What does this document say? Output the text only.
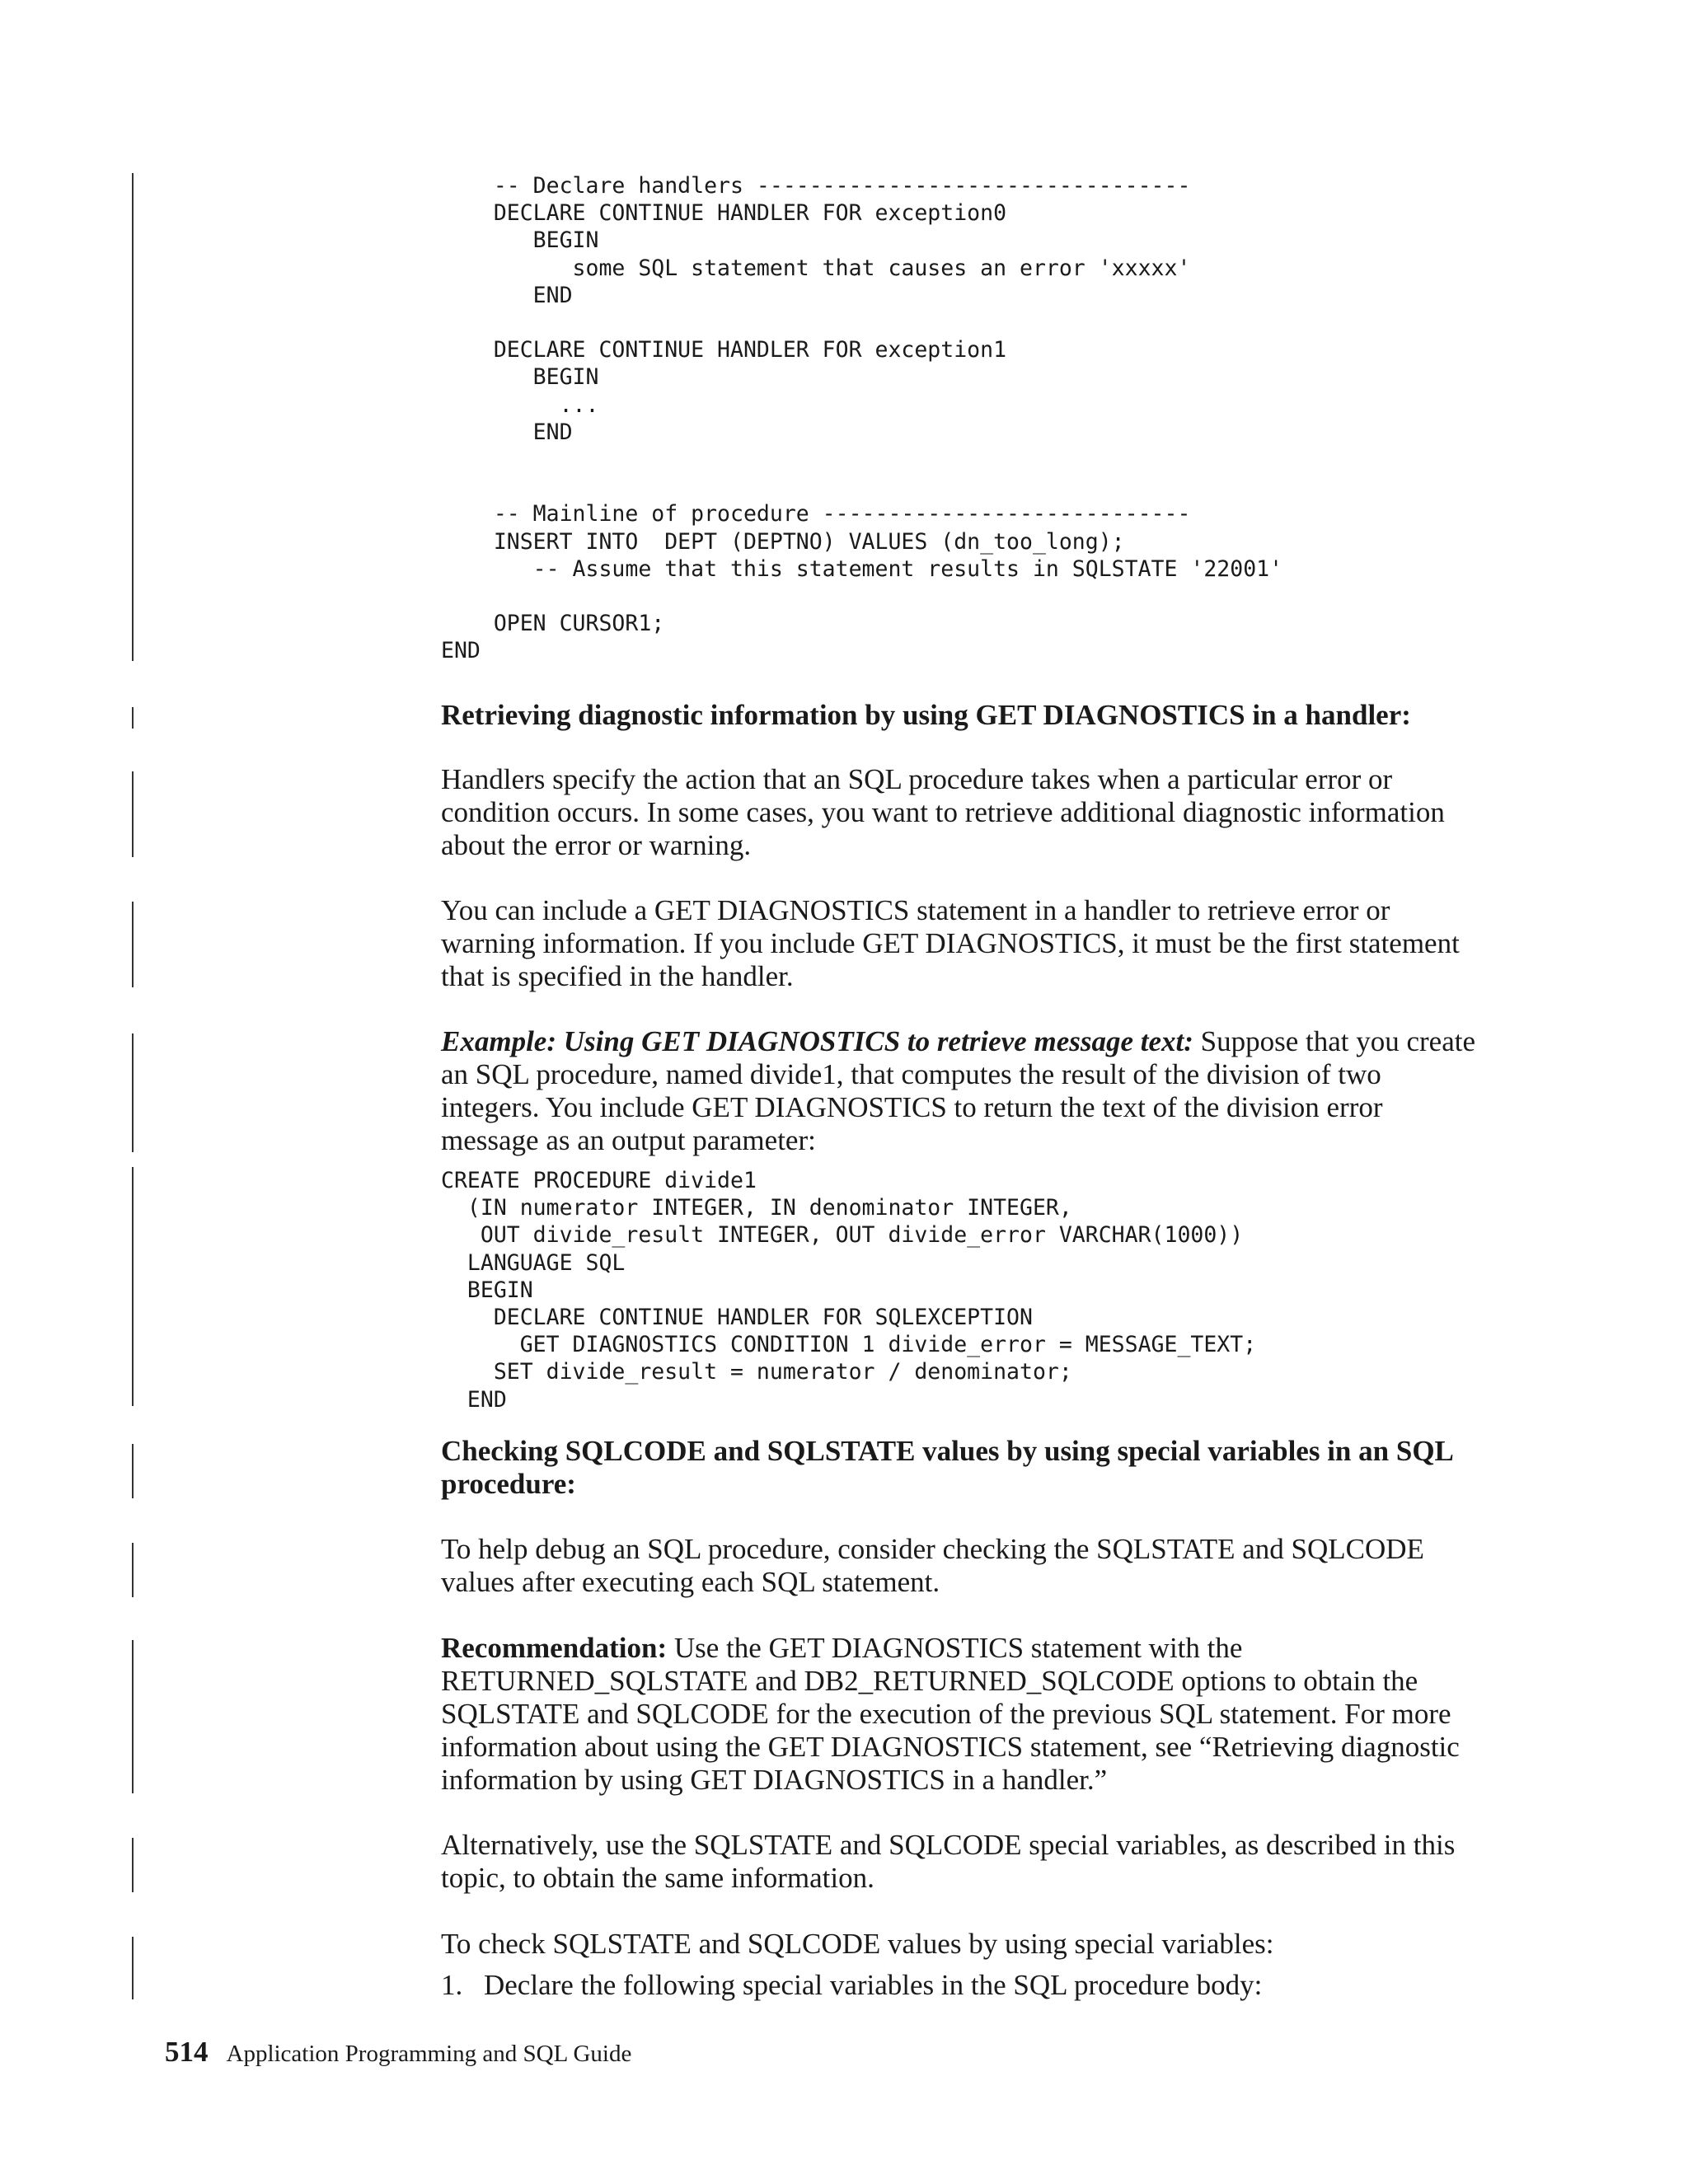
-- Declare handlers ---------------------------------
DECLARE CONTINUE HANDLER FOR exception0
BEGIN
some SQL statement that causes an error 'xxxxx'
END

DECLARE CONTINUE HANDLER FOR exception1
BEGIN
...
END

-- Mainline of procedure ----------------------------
INSERT INTO  DEPT (DEPTNO) VALUES (dn_too_long);
-- Assume that this statement results in SQLSTATE '22001'

OPEN CURSOR1;
END

Retrieving diagnostic information by using GET DIAGNOSTICS in a handler:

Handlers specify the action that an SQL procedure takes when a particular error or condition occurs. In some cases, you want to retrieve additional diagnostic information about the error or warning.

You can include a GET DIAGNOSTICS statement in a handler to retrieve error or warning information. If you include GET DIAGNOSTICS, it must be the first statement that is specified in the handler.

Example: Using GET DIAGNOSTICS to retrieve message text: Suppose that you create an SQL procedure, named divide1, that computes the result of the division of two integers. You include GET DIAGNOSTICS to return the text of the division error message as an output parameter:

CREATE PROCEDURE divide1
(IN numerator INTEGER, IN denominator INTEGER,
OUT divide_result INTEGER, OUT divide_error VARCHAR(1000))
LANGUAGE SQL
BEGIN
DECLARE CONTINUE HANDLER FOR SQLEXCEPTION
GET DIAGNOSTICS CONDITION 1 divide_error = MESSAGE_TEXT;
SET divide_result = numerator / denominator;
END

Checking SQLCODE and SQLSTATE values by using special variables in an SQL procedure:

To help debug an SQL procedure, consider checking the SQLSTATE and SQLCODE values after executing each SQL statement.

Recommendation: Use the GET DIAGNOSTICS statement with the RETURNED_SQLSTATE and DB2_RETURNED_SQLCODE options to obtain the SQLSTATE and SQLCODE for the execution of the previous SQL statement. For more information about using the GET DIAGNOSTICS statement, see “Retrieving diagnostic information by using GET DIAGNOSTICS in a handler.”

Alternatively, use the SQLSTATE and SQLCODE special variables, as described in this topic, to obtain the same information.

To check SQLSTATE and SQLCODE values by using special variables:

1. Declare the following special variables in the SQL procedure body:

514 Application Programming and SQL Guide
